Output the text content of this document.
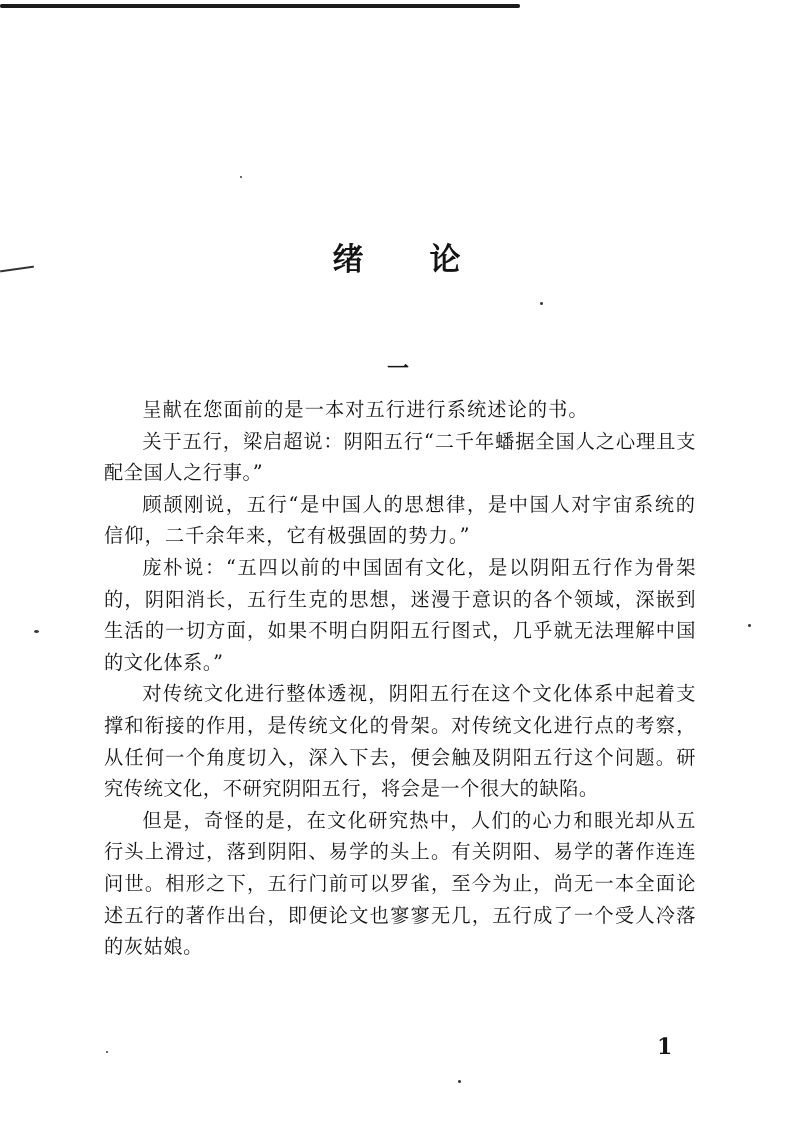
绪论
一

呈献在您面前的是一本对五行进行系统述论的书。

关于五行，梁启超说：阴阳五行“二千年蟠据全国人之心理且支配全国人之行事。”

顾颉刚说，五行“是中国人的思想律，是中国人对宇宙系统的信仰，二千余年来，它有极强固的势力。”

庞朴说：“五四以前的中国固有文化，是以阴阳五行作为骨架的，阴阳消长，五行生克的思想，迷漫于意识的各个领域，深嵌到生活的一切方面，如果不明白阴阳五行图式，几乎就无法理解中国的文化体系。”

对传统文化进行整体透视，阴阳五行在这个文化体系中起着支撑和衔接的作用，是传统文化的骨架。对传统文化进行点的考察，从任何一个角度切入，深入下去，便会触及阴阳五行这个问题。研究传统文化，不研究阴阳五行，将会是一个很大的缺陷。

但是，奇怪的是，在文化研究热中，人们的心力和眼光却从五行头上滑过，落到阴阳、易学的头上。有关阴阳、易学的著作连连问世。相形之下，五行门前可以罗雀，至今为止，尚无一本全面论述五行的著作出台，即便论文也寥寥无几，五行成了一个受人冷落的灰姑娘。

1
